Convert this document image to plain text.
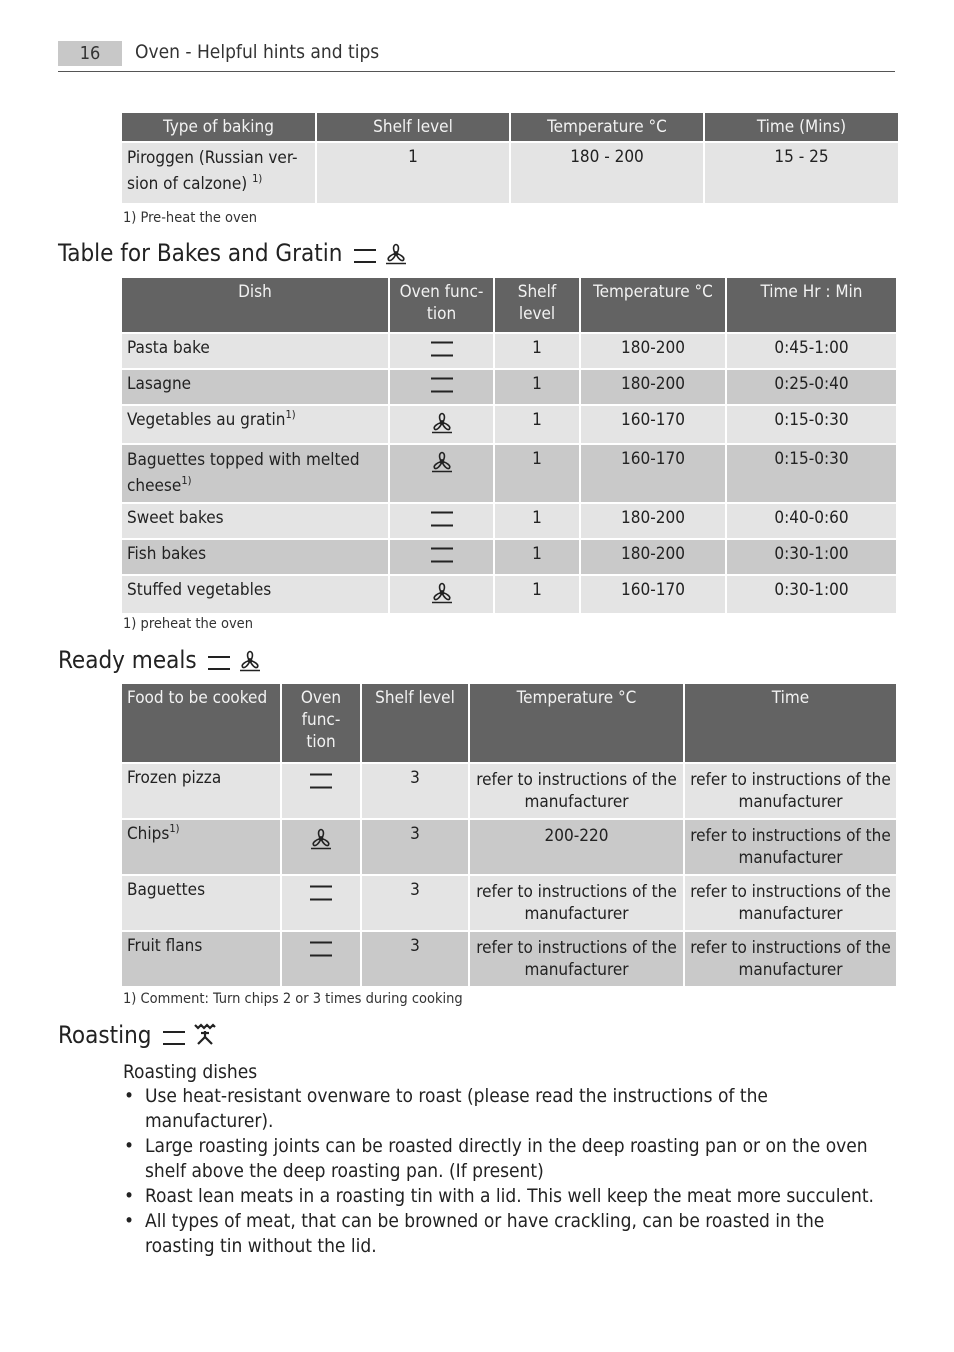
16	Oven - Helpful hints and tips
Type of baking	Shelf level	Temperature °C	Time (Mins)
Piroggen (Russian ver-sion of calzone) $^{1)}$	1	180 - 200	15 - 25
1) Pre-heat the oven
Table for Bakes and Gratin
Dish	Oven func-tion	Shelf level	Temperature °C	Time Hr : Min
Pasta bake		1	180-200	0:45-1:00
Lasagne		1	180-200	0:25-0:40
Vegetables au gratin$^{1)}$		1	160-170	0:15-0:30
Baguettes topped with melted cheese$^{1)}$		1	160-170	0:15-0:30
Sweet bakes		1	180-200	0:40-0:60
Fish bakes		1	180-200	0:30-1:00
Stuffed vegetables		1	160-170	0:30-1:00
1) preheat the oven
Ready meals
Food to be cooked	Oven func-tion	Shelf level	Temperature °C	Time
Frozen pizza		3	refer to instructions of the manufacturer	refer to instructions of the manufacturer
Chips$^{1)}$		3	200-220	refer to instructions of the manufacturer
Baguettes		3	refer to instructions of the manufacturer	refer to instructions of the manufacturer
Fruit flans		3	refer to instructions of the manufacturer	refer to instructions of the manufacturer
1) Comment: Turn chips 2 or 3 times during cooking
Roasting
Roasting dishes
• Use heat-resistant ovenware to roast (please read the instructions of the manufacturer).
• Large roasting joints can be roasted directly in the deep roasting pan or on the oven shelf above the deep roasting pan. (If present)
• Roast lean meats in a roasting tin with a lid. This well keep the meat more succulent.
• All types of meat, that can be browned or have crackling, can be roasted in the roasting tin without the lid.
